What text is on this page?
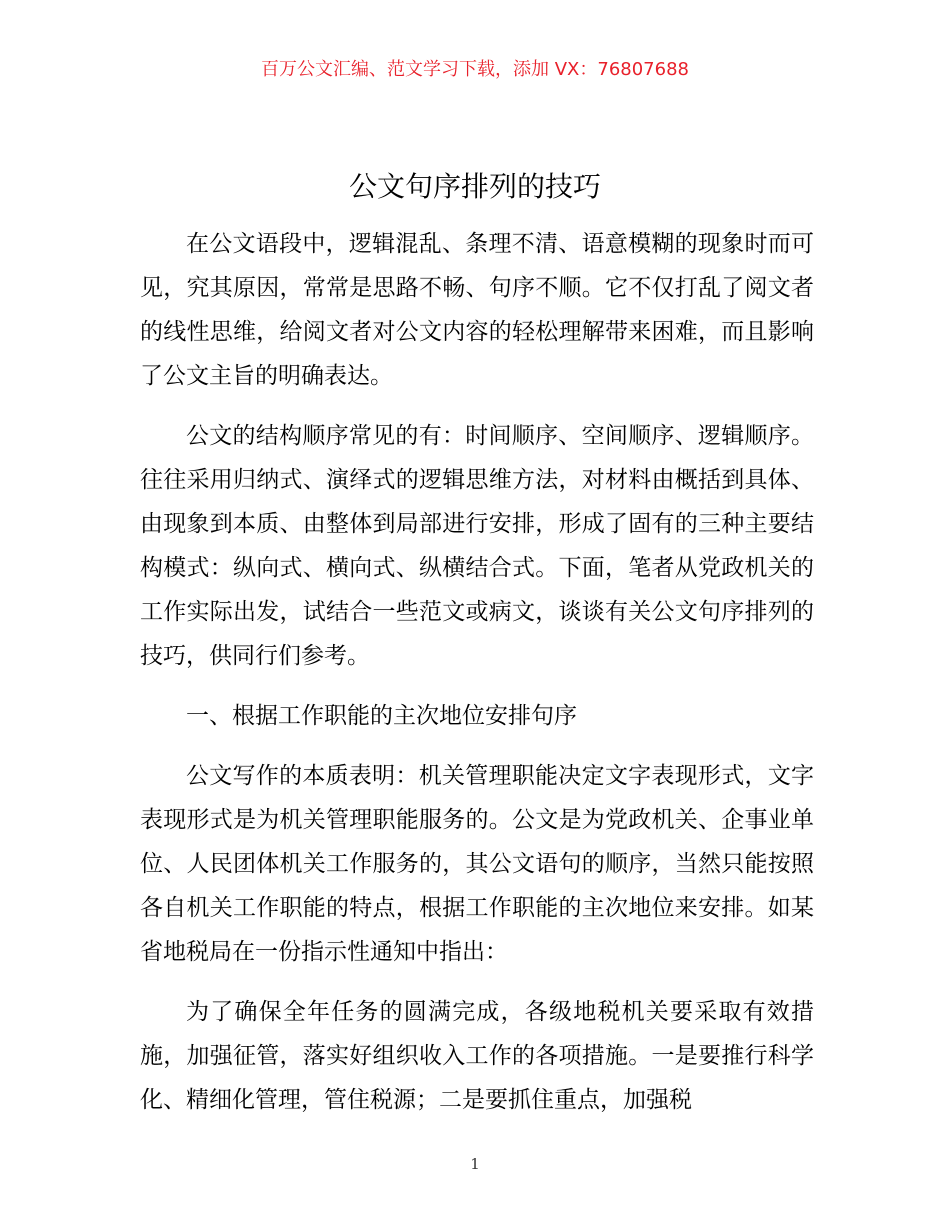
百万公文汇编、范文学习下载，添加 VX：76807688
公文句序排列的技巧

在公文语段中，逻辑混乱、条理不清、语意模糊的现象时而可见，究其原因，常常是思路不畅、句序不顺。它不仅打乱了阅文者的线性思维，给阅文者对公文内容的轻松理解带来困难，而且影响了公文主旨的明确表达。

公文的结构顺序常见的有：时间顺序、空间顺序、逻辑顺序。往往采用归纳式、演绎式的逻辑思维方法，对材料由概括到具体、由现象到本质、由整体到局部进行安排，形成了固有的三种主要结构模式：纵向式、横向式、纵横结合式。下面，笔者从党政机关的工作实际出发，试结合一些范文或病文，谈谈有关公文句序排列的技巧，供同行们参考。

一、根据工作职能的主次地位安排句序

公文写作的本质表明：机关管理职能决定文字表现形式，文字表现形式是为机关管理职能服务的。公文是为党政机关、企事业单位、人民团体机关工作服务的，其公文语句的顺序，当然只能按照各自机关工作职能的特点，根据工作职能的主次地位来安排。如某省地税局在一份指示性通知中指出：

为了确保全年任务的圆满完成，各级地税机关要采取有效措施，加强征管，落实好组织收入工作的各项措施。一是要推行科学化、精细化管理，管住税源；二是要抓住重点，加强税

1
